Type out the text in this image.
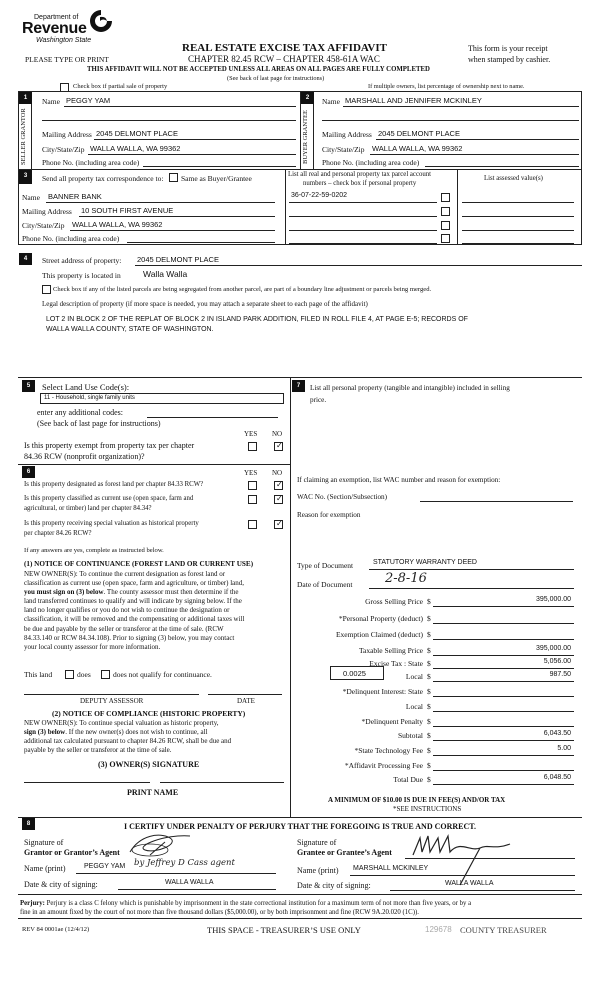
Department of
Revenue
Washington State
PLEASE TYPE OR PRINT
REAL ESTATE EXCISE TAX AFFIDAVIT
CHAPTER 82.45 RCW – CHAPTER 458-61A WAC
This form is your receipt
when stamped by cashier.
THIS AFFIDAVIT WILL NOT BE ACCEPTED UNLESS ALL AREAS ON ALL PAGES ARE FULLY COMPLETED
(See back of last page for instructions)
Check box if partial sale of property	If multiple owners, list percentage of ownership next to name.
1
SELLER GRANTOR
Name PEGGY YAM
Mailing Address 2045 DELMONT PLACE
City/State/Zip WALLA WALLA, WA 99362
Phone No. (including area code)
2
BUYER GRANTEE
Name MARSHALL AND JENNIFER MCKINLEY
Mailing Address 2045 DELMONT PLACE
City/State/Zip WALLA WALLA, WA 99362
Phone No. (including area code)
3	Send all property tax correspondence to: Same as Buyer/Grantee
Name BANNER BANK
Mailing Address 10 SOUTH FIRST AVENUE
City/State/Zip WALLA WALLA, WA 99362
Phone No. (including area code)
List all real and personal property tax parcel account
numbers – check box if personal property
List assessed value(s)
36-07-22-59-0202
4	Street address of property: 2045 DELMONT PLACE
This property is located in	Walla Walla
Check box if any of the listed parcels are being segregated from another parcel, are part of a boundary line adjustment or parcels being merged.
Legal description of property (if more space is needed, you may attach a separate sheet to each page of the affidavit)
LOT 2 IN BLOCK 2 OF THE REPLAT OF BLOCK 2 IN ISLAND PARK ADDITION, FILED IN ROLL FILE 4, AT PAGE E-5; RECORDS OF
WALLA WALLA COUNTY, STATE OF WASHINGTON.
5	Select Land Use Code(s):
11 - Household, single family units
enter any additional codes:
(See back of last page for instructions)
YES NO
Is this property exempt from property tax per chapter
84.36 RCW (nonprofit organization)?
✓
6	YES NO
Is this property designated as forest land per chapter 84.33 RCW?
✓
Is this property classified as current use (open space, farm and
agricultural, or timber) land per chapter 84.34?
✓
Is this property receiving special valuation as historical property
per chapter 84.26 RCW?
✓
If any answers are yes, complete as instructed below.
(1) NOTICE OF CONTINUANCE (FOREST LAND OR CURRENT USE)
NEW OWNER(S): To continue the current designation as forest land or
classification as current use (open space, farm and agriculture, or timber) land,
you must sign on (3) below. The county assessor must then determine if the
land transferred continues to qualify and will indicate by signing below. If the
land no longer qualifies or you do not wish to continue the designation or
classification, it will be removed and the compensating or additional taxes will
be due and payable by the seller or transferor at the time of sale. (RCW
84.33.140 or RCW 84.34.108). Prior to signing (3) below, you may contact
your local county assessor for more information.
This land	does	does not qualify for continuance.
DEPUTY ASSESSOR	DATE
(2) NOTICE OF COMPLIANCE (HISTORIC PROPERTY)
NEW OWNER(S): To continue special valuation as historic property,
sign (3) below. If the new owner(s) does not wish to continue, all
additional tax calculated pursuant to chapter 84.26 RCW, shall be due and
payable by the seller or transferor at the time of sale.
(3) OWNER(S) SIGNATURE
PRINT NAME
7	List all personal property (tangible and intangible) included in selling
price.
If claiming an exemption, list WAC number and reason for exemption:
WAC No. (Section/Subsection)
Reason for exemption
Type of Document	STATUTORY WARRANTY DEED
Date of Document	2-8-16
0.0025
8	I CERTIFY UNDER PENALTY OF PERJURY THAT THE FOREGOING IS TRUE AND CORRECT.
Signature of
Grantor or Grantor’s Agent
Name (print)	PEGGY YAM by Jeffrey D Cass agent
Date & city of signing:	WALLA WALLA
Signature of
Grantee or Grantee’s Agent
Name (print) MARSHALL MCKINLEY
Date & city of signing:	WALLA WALLA
Perjury: Perjury is a class C felony which is punishable by imprisonment in the state correctional institution for a maximum term of not more than five years, or by a
fine in an amount fixed by the court of not more than five thousand dollars ($5,000.00), or by both imprisonment and fine (RCW 9A.20.020 (1C)).
REV 84 0001ae (12/4/12)	THIS SPACE - TREASURER’S USE ONLY	129678 COUNTY TREASURER
Gross Selling Price $	395,000.00
*Personal Property (deduct) $
Exemption Claimed (deduct) $
Taxable Selling Price $	395,000.00
Excise Tax : State $	5,056.00
Local $	987.50
*Delinquent Interest: State $
Local $
*Delinquent Penalty $
Subtotal $	6,043.50
*State Technology Fee $	5.00
*Affidavit Processing Fee $
Total Due $	6,048.50
A MINIMUM OF $10.00 IS DUE IN FEE(S) AND/OR TAX
*SEE INSTRUCTIONS
